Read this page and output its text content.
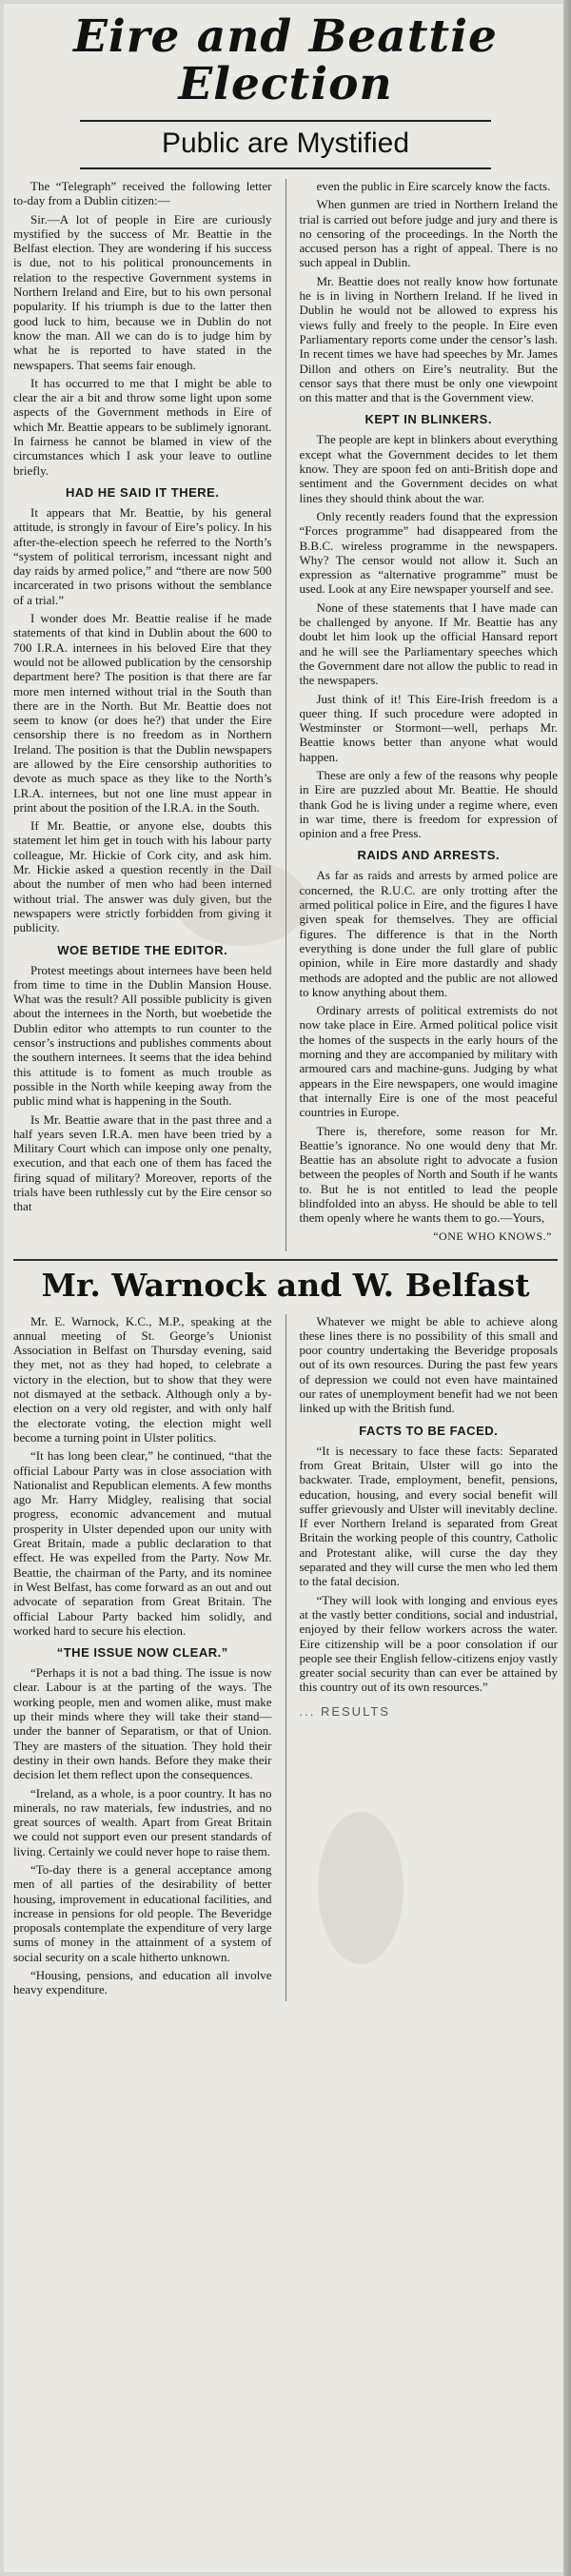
Eire and Beattie
Election
Public are Mystified

The “Telegraph” received the following letter to-day from a Dublin citizen:—

Sir.—A lot of people in Eire are curiously mystified by the success of Mr. Beattie in the Belfast election. They are wondering if his success is due, not to his political pronouncements in relation to the respective Government systems in Northern Ireland and Eire, but to his own personal popularity. If his triumph is due to the latter then good luck to him, because we in Dublin do not know the man. All we can do is to judge him by what he is reported to have stated in the newspapers. That seems fair enough.

It has occurred to me that I might be able to clear the air a bit and throw some light upon some aspects of the Government methods in Eire of which Mr. Beattie appears to be sublimely ignorant. In fairness he cannot be blamed in view of the circumstances which I ask your leave to outline briefly.

HAD HE SAID IT THERE.

It appears that Mr. Beattie, by his general attitude, is strongly in favour of Eire’s policy. In his after-the-election speech he referred to the North’s “system of political terrorism, incessant night and day raids by armed police,” and “there are now 500 incarcerated in two prisons without the semblance of a trial.”

I wonder does Mr. Beattie realise if he made statements of that kind in Dublin about the 600 to 700 I.R.A. internees in his beloved Eire that they would not be allowed publication by the censorship department here? The position is that there are far more men interned without trial in the South than there are in the North. But Mr. Beattie does not seem to know (or does he?) that under the Eire censorship there is no freedom as in Northern Ireland. The position is that the Dublin newspapers are allowed by the Eire censorship authorities to devote as much space as they like to the North’s I.R.A. internees, but not one line must appear in print about the position of the I.R.A. in the South.

If Mr. Beattie, or anyone else, doubts this statement let him get in touch with his labour party colleague, Mr. Hickie of Cork city, and ask him. Mr. Hickie asked a question recently in the Dail about the number of men who had been interned without trial. The answer was duly given, but the newspapers were strictly forbidden from giving it publicity.

WOE BETIDE THE EDITOR.

Protest meetings about internees have been held from time to time in the Dublin Mansion House. What was the result? All possible publicity is given about the internees in the North, but woebetide the Dublin editor who attempts to run counter to the censor’s instructions and publishes comments about the southern internees. It seems that the idea behind this attitude is to foment as much trouble as possible in the North while keeping away from the public mind what is happening in the South.

Is Mr. Beattie aware that in the past three and a half years seven I.R.A. men have been tried by a Military Court which can impose only one penalty, execution, and that each one of them has faced the firing squad of military? Moreover, reports of the trials have been ruthlessly cut by the Eire censor so that

even the public in Eire scarcely know the facts.

When gunmen are tried in Northern Ireland the trial is carried out before judge and jury and there is no censoring of the proceedings. In the North the accused person has a right of appeal. There is no such appeal in Dublin.

Mr. Beattie does not really know how fortunate he is in living in Northern Ireland. If he lived in Dublin he would not be allowed to express his views fully and freely to the people. In Eire even Parliamentary reports come under the censor’s lash. In recent times we have had speeches by Mr. James Dillon and others on Eire’s neutrality. But the censor says that there must be only one viewpoint on this matter and that is the Government view.

KEPT IN BLINKERS.

The people are kept in blinkers about everything except what the Government decides to let them know. They are spoon fed on anti-British dope and sentiment and the Government decides on what lines they should think about the war.

Only recently readers found that the expression “Forces programme” had disappeared from the B.B.C. wireless programme in the newspapers. Why? The censor would not allow it. Such an expression as “alternative programme” must be used. Look at any Eire newspaper yourself and see.

None of these statements that I have made can be challenged by anyone. If Mr. Beattie has any doubt let him look up the official Hansard report and he will see the Parliamentary speeches which the Government dare not allow the public to read in the newspapers.

Just think of it! This Eire-Irish freedom is a queer thing. If such procedure were adopted in Westminster or Stormont—well, perhaps Mr. Beattie knows better than anyone what would happen.

These are only a few of the reasons why people in Eire are puzzled about Mr. Beattie. He should thank God he is living under a regime where, even in war time, there is freedom for expression of opinion and a free Press.

RAIDS AND ARRESTS.

As far as raids and arrests by armed police are concerned, the R.U.C. are only trotting after the armed political police in Eire, and the figures I have given speak for themselves. They are official figures. The difference is that in the North everything is done under the full glare of public opinion, while in Eire more dastardly and shady methods are adopted and the public are not allowed to know anything about them.

Ordinary arrests of political extremists do not now take place in Eire. Armed political police visit the homes of the suspects in the early hours of the morning and they are accompanied by military with armoured cars and machine-guns. Judging by what appears in the Eire newspapers, one would imagine that internally Eire is one of the most peaceful countries in Europe.

There is, therefore, some reason for Mr. Beattie’s ignorance. No one would deny that Mr. Beattie has an absolute right to advocate a fusion between the peoples of North and South if he wants to. But he is not entitled to lead the people blindfolded into an abyss. He should be able to tell them openly where he wants them to go.—Yours,

“ONE WHO KNOWS.”
Mr. Warnock and W. Belfast

Mr. E. Warnock, K.C., M.P., speaking at the annual meeting of St. George’s Unionist Association in Belfast on Thursday evening, said they met, not as they had hoped, to celebrate a victory in the election, but to show that they were not dismayed at the setback. Although only a by-election on a very old register, and with only half the electorate voting, the election might well become a turning point in Ulster politics.

“It has long been clear,” he continued, “that the official Labour Party was in close association with Nationalist and Republican elements. A few months ago Mr. Harry Midgley, realising that social progress, economic advancement and mutual prosperity in Ulster depended upon our unity with Great Britain, made a public declaration to that effect. He was expelled from the Party. Now Mr. Beattie, the chairman of the Party, and its nominee in West Belfast, has come forward as an out and out advocate of separation from Great Britain. The official Labour Party backed him solidly, and worked hard to secure his election.

“THE ISSUE NOW CLEAR.”

“Perhaps it is not a bad thing. The issue is now clear. Labour is at the parting of the ways. The working people, men and women alike, must make up their minds where they will take their stand—under the banner of Separatism, or that of Union. They are masters of the situation. They hold their destiny in their own hands. Before they make their decision let them reflect upon the consequences.

“Ireland, as a whole, is a poor country. It has no minerals, no raw materials, few industries, and no great sources of wealth. Apart from Great Britain we could not support even our present standards of living. Certainly we could never hope to raise them.

“To-day there is a general acceptance among men of all parties of the desirability of better housing, improvement in educational facilities, and increase in pensions for old people. The Beveridge proposals contemplate the expenditure of very large sums of money in the attainment of a system of social security on a scale hitherto unknown.

“Housing, pensions, and education all involve heavy expenditure.

Whatever we might be able to achieve along these lines there is no possibility of this small and poor country undertaking the Beveridge proposals out of its own resources. During the past few years of depression we could not even have maintained our rates of unemployment benefit had we not been linked up with the British fund.

FACTS TO BE FACED.

“It is necessary to face these facts: Separated from Great Britain, Ulster will go into the backwater. Trade, employment, benefit, pensions, education, housing, and every social benefit will suffer grievously and Ulster will inevitably decline. If ever Northern Ireland is separated from Great Britain the working people of this country, Catholic and Protestant alike, will curse the day they separated and they will curse the men who led them to the fatal decision.

“They will look with longing and envious eyes at the vastly better conditions, social and industrial, enjoyed by their fellow workers across the water. Eire citizenship will be a poor consolation if our people see their English fellow-citizens enjoy vastly greater social security than can ever be attained by this country out of its own resources.”

... RESULTS
